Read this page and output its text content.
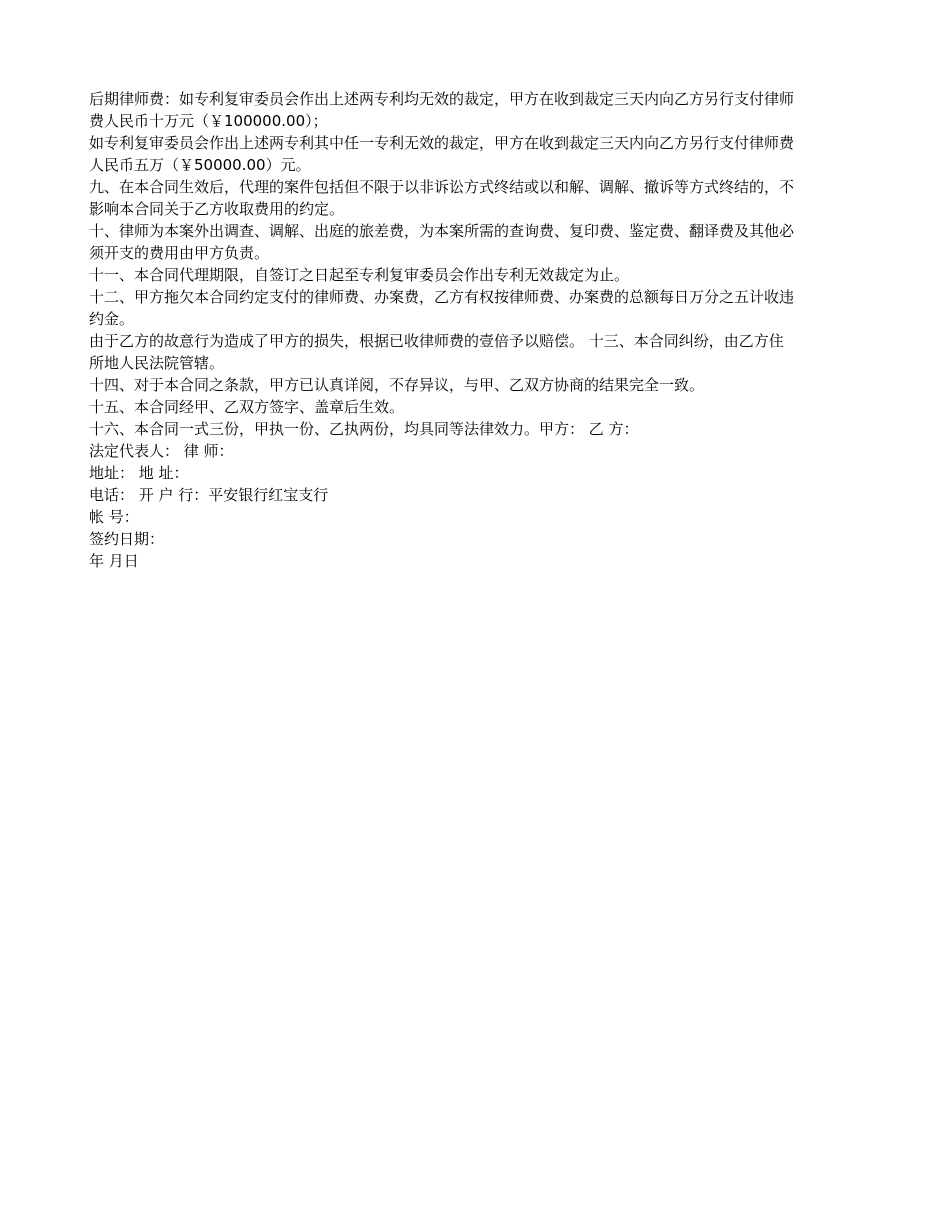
后期律师费：如专利复审委员会作出上述两专利均无效的裁定，甲方在收到裁定三天内向乙方另行支付律师

费人民币十万元（￥100000.00）；

如专利复审委员会作出上述两专利其中任一专利无效的裁定，甲方在收到裁定三天内向乙方另行支付律师费

人民币五万（￥50000.00）元。

九、在本合同生效后，代理的案件包括但不限于以非诉讼方式终结或以和解、调解、撤诉等方式终结的，不

影响本合同关于乙方收取费用的约定。

十、律师为本案外出调查、调解、出庭的旅差费，为本案所需的查询费、复印费、鉴定费、翻译费及其他必

须开支的费用由甲方负责。

十一、本合同代理期限，自签订之日起至专利复审委员会作出专利无效裁定为止。

十二、甲方拖欠本合同约定支付的律师费、办案费，乙方有权按律师费、办案费的总额每日万分之五计收违

约金。

由于乙方的故意行为造成了甲方的损失，根据已收律师费的壹倍予以赔偿。 十三、本合同纠纷，由乙方住

所地人民法院管辖。

十四、对于本合同之条款，甲方已认真详阅，不存异议，与甲、乙双方协商的结果完全一致。

十五、本合同经甲、乙双方签字、盖章后生效。

十六、本合同一式三份，甲执一份、乙执两份，均具同等法律效力。甲方： 乙 方：

法定代表人： 律 师：

地址： 地 址：

电话： 开 户 行：平安银行红宝支行

帐 号：

签约日期：

年 月日
